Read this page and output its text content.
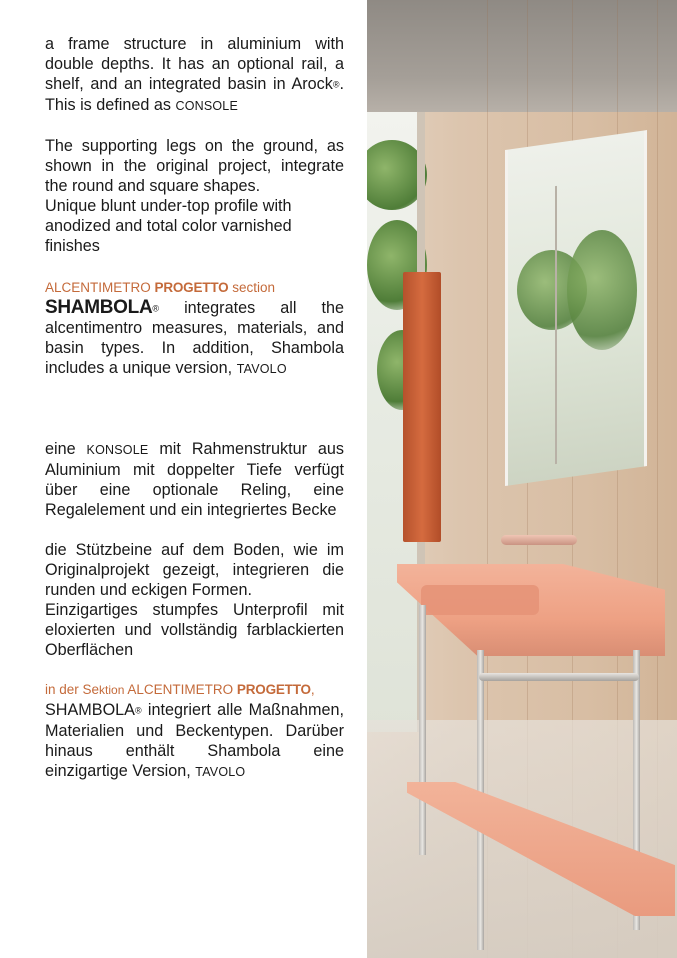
a frame structure in aluminium with double depths. It has an optional rail, a shelf, and an integrated basin in Arock®. This is defined as CONSOLE

The supporting legs on the ground, as shown in the original project, integrate the round and square shapes.

Unique blunt under-top profile with anodized and total color varnished finishes

ALCENTIMETRO PROGETTO section

SHAMBOLA® integrates all the alcentimentro measures, materials, and basin types. In addition, Shambola includes a unique version, TAVOLO

eine KONSOLE mit Rahmenstruktur aus Aluminium mit doppelter Tiefe verfügt über eine optionale Reling, eine Regalelement und ein integriertes Becke

die Stützbeine auf dem Boden, wie im Originalprojekt gezeigt, integrieren die runden und eckigen Formen.

Einzigartiges stumpfes Unterprofil mit eloxierten und vollständig farblackierten Oberflächen

in der Sektion ALCENTIMETRO PROGETTO,

SHAMBOLA® integriert alle Maßnahmen, Materialien und Beckentypen. Darüber hinaus enthält Shambola eine einzigartige Version, TAVOLO
